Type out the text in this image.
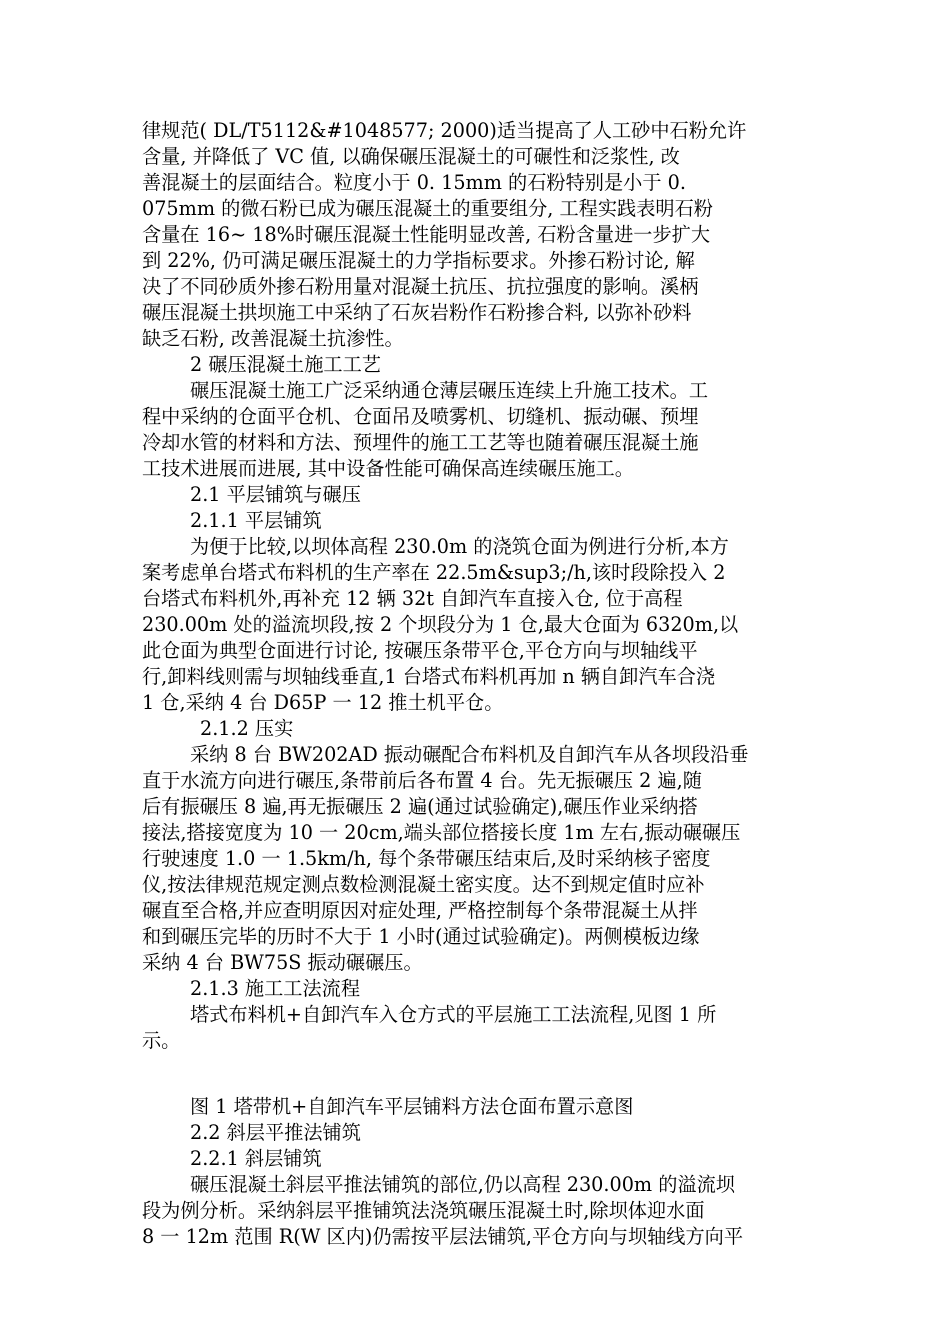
律规范( DL/T5112&#1048577; 2000)适当提高了人工砂中石粉允许
含量, 并降低了 VC 值, 以确保碾压混凝土的可碾性和泛浆性, 改
善混凝土的层面结合。粒度小于 0. 15mm 的石粉特别是小于 0.
075mm 的微石粉已成为碾压混凝土的重要组分, 工程实践表明石粉
含量在 16~ 18%时碾压混凝土性能明显改善, 石粉含量进一步扩大
到 22%, 仍可满足碾压混凝土的力学指标要求。外掺石粉讨论, 解
决了不同砂质外掺石粉用量对混凝土抗压、抗拉强度的影响。溪柄
碾压混凝土拱坝施工中采纳了石灰岩粉作石粉掺合料, 以弥补砂料
缺乏石粉, 改善混凝土抗渗性。
2 碾压混凝土施工工艺
碾压混凝土施工广泛采纳通仓薄层碾压连续上升施工技术。工
程中采纳的仓面平仓机、仓面吊及喷雾机、切缝机、振动碾、预埋
冷却水管的材料和方法、预埋件的施工工艺等也随着碾压混凝土施
工技术进展而进展, 其中设备性能可确保高连续碾压施工。
2.1 平层铺筑与碾压
2.1.1 平层铺筑
为便于比较,以坝体高程 230.0m 的浇筑仓面为例进行分析,本方
案考虑单台塔式布料机的生产率在 22.5m&sup3;/h,该时段除投入 2
台塔式布料机外,再补充 12 辆 32t 自卸汽车直接入仓, 位于高程
230.00m 处的溢流坝段,按 2 个坝段分为 1 仓,最大仓面为 6320m,以
此仓面为典型仓面进行讨论, 按碾压条带平仓,平仓方向与坝轴线平
行,卸料线则需与坝轴线垂直,1 台塔式布料机再加 n 辆自卸汽车合浇
1 仓,采纳 4 台 D65P 一 12 推土机平仓。
2.1.2 压实
采纳 8 台 BW202AD 振动碾配合布料机及自卸汽车从各坝段沿垂
直于水流方向进行碾压,条带前后各布置 4 台。先无振碾压 2 遍,随
后有振碾压 8 遍,再无振碾压 2 遍(通过试验确定),碾压作业采纳搭
接法,搭接宽度为 10 一 20cm,端头部位搭接长度 1m 左右,振动碾碾压
行驶速度 1.0 一 1.5km/h, 每个条带碾压结束后,及时采纳核子密度
仪,按法律规范规定测点数检测混凝土密实度。达不到规定值时应补
碾直至合格,并应查明原因对症处理, 严格控制每个条带混凝土从拌
和到碾压完毕的历时不大于 1 小时(通过试验确定)。两侧模板边缘
采纳 4 台 BW75S 振动碾碾压。
2.1.3 施工工法流程
塔式布料机+自卸汽车入仓方式的平层施工工法流程,见图 1 所
示。
图 1 塔带机+自卸汽车平层铺料方法仓面布置示意图
2.2 斜层平推法铺筑
2.2.1 斜层铺筑
碾压混凝土斜层平推法铺筑的部位,仍以高程 230.00m 的溢流坝
段为例分析。采纳斜层平推铺筑法浇筑碾压混凝土时,除坝体迎水面
8 一 12m 范围 R(W 区内)仍需按平层法铺筑,平仓方向与坝轴线方向平
